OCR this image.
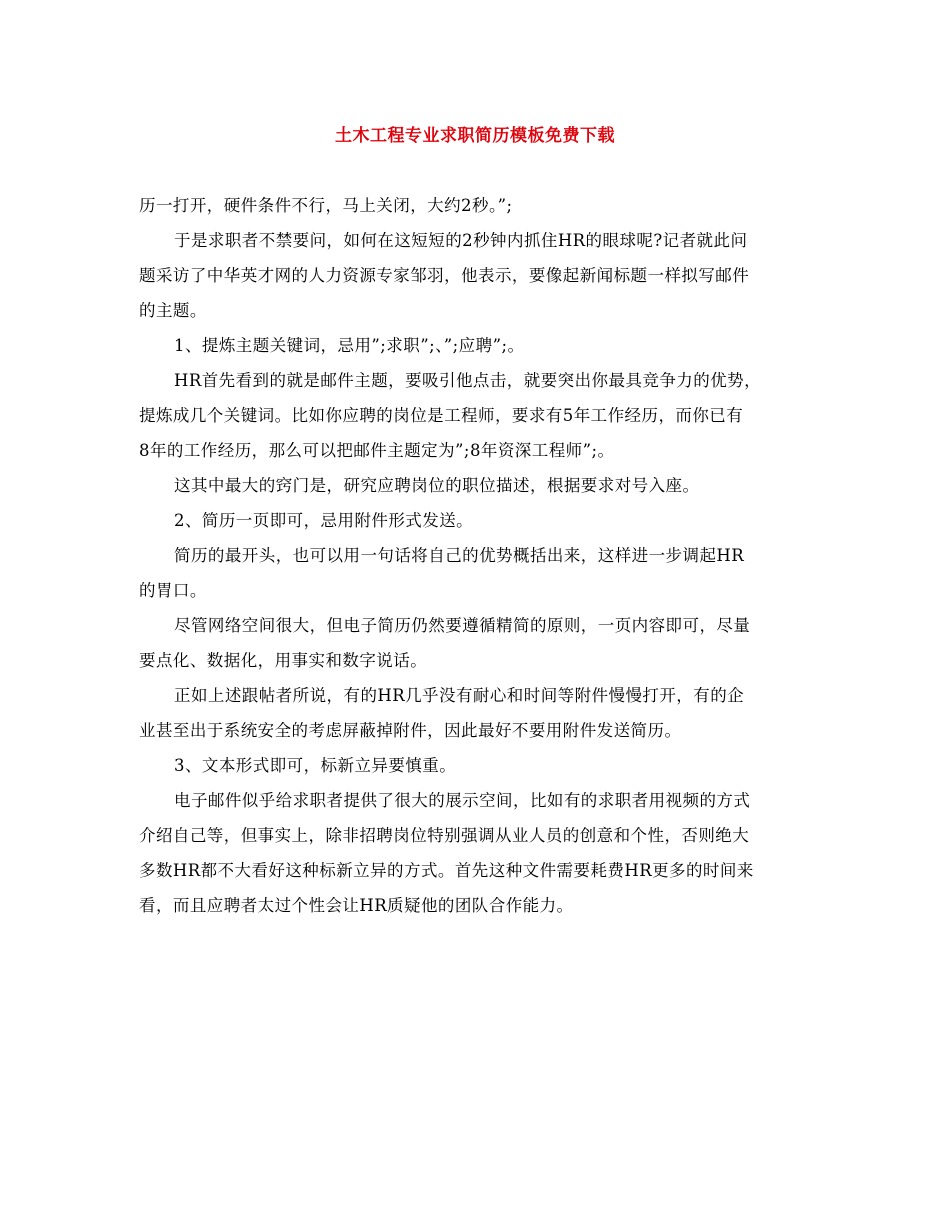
土木工程专业求职简历模板免费下载
历一打开，硬件条件不行，马上关闭，大约2秒。”;
于是求职者不禁要问，如何在这短短的2秒钟内抓住HR的眼球呢?记者就此问
题采访了中华英才网的人力资源专家邹羽，他表示，要像起新闻标题一样拟写邮件
的主题。
1、提炼主题关键词，忌用”;求职”;、”;应聘”;。
HR首先看到的就是邮件主题，要吸引他点击，就要突出你最具竞争力的优势，
提炼成几个关键词。比如你应聘的岗位是工程师，要求有5年工作经历，而你已有
8年的工作经历，那么可以把邮件主题定为”;8年资深工程师”;。
这其中最大的窍门是，研究应聘岗位的职位描述，根据要求对号入座。
2、简历一页即可，忌用附件形式发送。
简历的最开头，也可以用一句话将自己的优势概括出来，这样进一步调起HR
的胃口。
尽管网络空间很大，但电子简历仍然要遵循精简的原则，一页内容即可，尽量
要点化、数据化，用事实和数字说话。
正如上述跟帖者所说，有的HR几乎没有耐心和时间等附件慢慢打开，有的企
业甚至出于系统安全的考虑屏蔽掉附件，因此最好不要用附件发送简历。
3、文本形式即可，标新立异要慎重。
电子邮件似乎给求职者提供了很大的展示空间，比如有的求职者用视频的方式
介绍自己等，但事实上，除非招聘岗位特别强调从业人员的创意和个性，否则绝大
多数HR都不大看好这种标新立异的方式。首先这种文件需要耗费HR更多的时间来
看，而且应聘者太过个性会让HR质疑他的团队合作能力。
